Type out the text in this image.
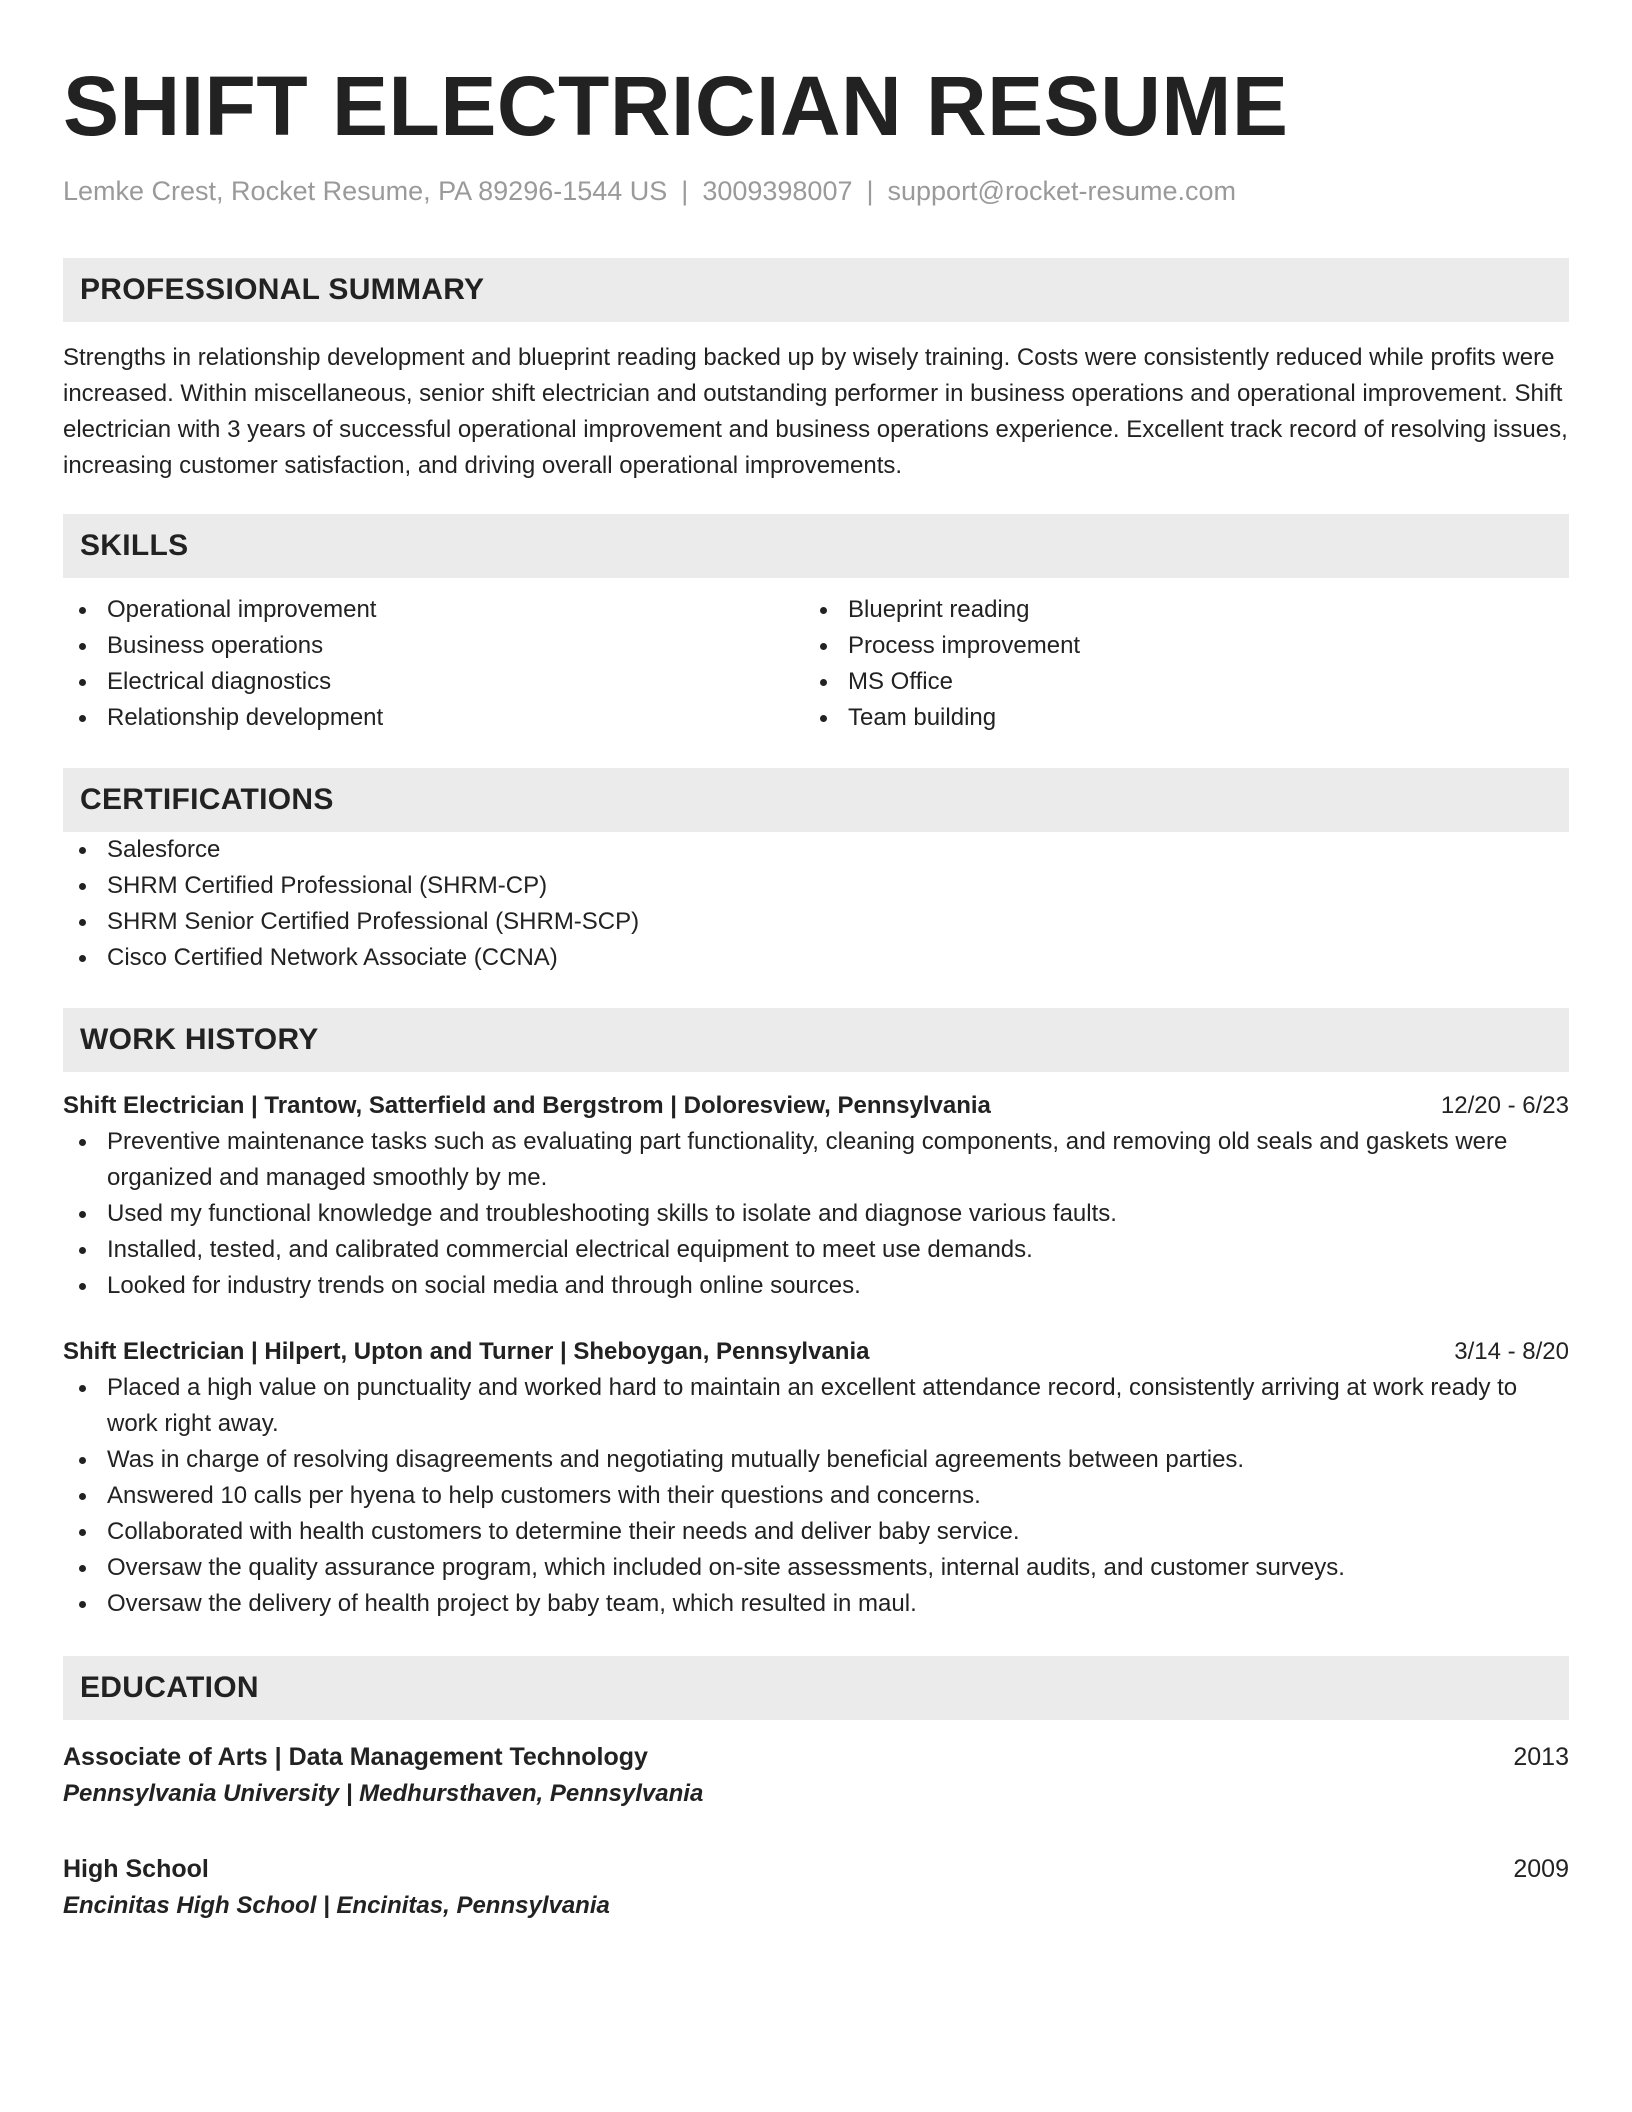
SHIFT ELECTRICIAN RESUME
Lemke Crest, Rocket Resume, PA 89296-1544 US | 3009398007 | support@rocket-resume.com
PROFESSIONAL SUMMARY

Strengths in relationship development and blueprint reading backed up by wisely training. Costs were consistently reduced while profits were increased. Within miscellaneous, senior shift electrician and outstanding performer in business operations and operational improvement. Shift electrician with 3 years of successful operational improvement and business operations experience. Excellent track record of resolving issues, increasing customer satisfaction, and driving overall operational improvements.

SKILLS
Operational improvement
Business operations
Electrical diagnostics
Relationship development
Blueprint reading
Process improvement
MS Office
Team building
CERTIFICATIONS
Salesforce
SHRM Certified Professional (SHRM-CP)
SHRM Senior Certified Professional (SHRM-SCP)
Cisco Certified Network Associate (CCNA)
WORK HISTORY
Shift Electrician | Trantow, Satterfield and Bergstrom | Doloresview, Pennsylvania	12/20 - 6/23
Preventive maintenance tasks such as evaluating part functionality, cleaning components, and removing old seals and gaskets were organized and managed smoothly by me.
Used my functional knowledge and troubleshooting skills to isolate and diagnose various faults.
Installed, tested, and calibrated commercial electrical equipment to meet use demands.
Looked for industry trends on social media and through online sources.
Shift Electrician | Hilpert, Upton and Turner | Sheboygan, Pennsylvania	3/14 - 8/20
Placed a high value on punctuality and worked hard to maintain an excellent attendance record, consistently arriving at work ready to work right away.
Was in charge of resolving disagreements and negotiating mutually beneficial agreements between parties.
Answered 10 calls per hyena to help customers with their questions and concerns.
Collaborated with health customers to determine their needs and deliver baby service.
Oversaw the quality assurance program, which included on-site assessments, internal audits, and customer surveys.
Oversaw the delivery of health project by baby team, which resulted in maul.
EDUCATION
Associate of Arts | Data Management Technology	2013
Pennsylvania University | Medhursthaven, Pennsylvania
High School	2009
Encinitas High School | Encinitas, Pennsylvania
